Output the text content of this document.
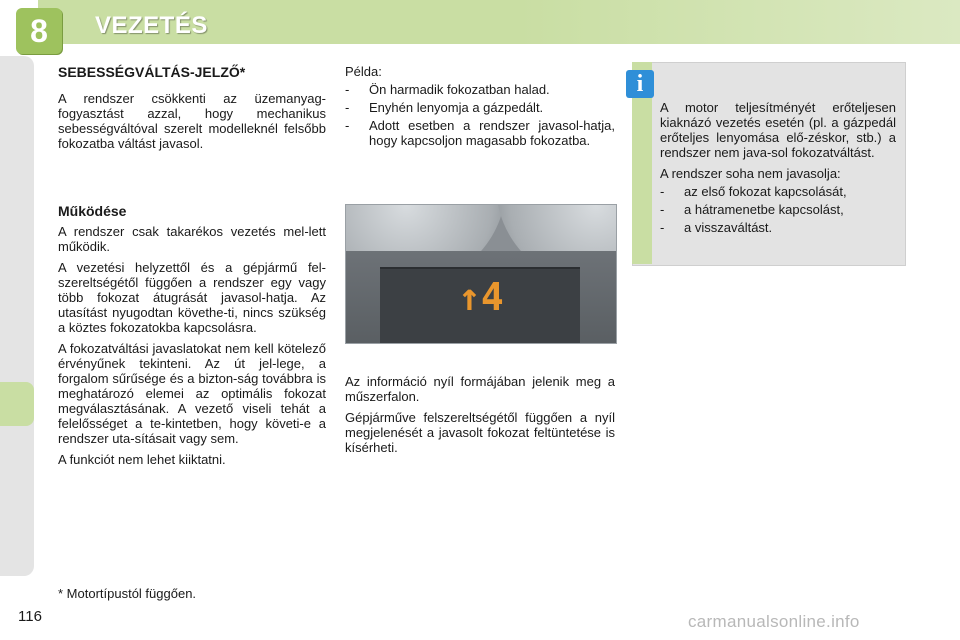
8	VEZETÉS

SEBESSÉGVÁLTÁS-JELZŐ*

A rendszer csökkenti az üzemanyag-fogyasztást azzal, hogy mechanikus sebességváltóval szerelt modelleknél felsőbb fokozatba váltást javasol.

Működése

A rendszer csak takarékos vezetés mel-lett működik.

A vezetési helyzettől és a gépjármű fel-szereltségétől függően a rendszer egy vagy több fokozat átugrását javasol-hatja. Az utasítást nyugodtan követhe-ti, nincs szükség a köztes fokozatokba kapcsolásra.

A fokozatváltási javaslatokat nem kell kötelező érvényűnek tekinteni. Az út jel-lege, a forgalom sűrűsége és a bizton-ság továbbra is meghatározó elemei az optimális fokozat megválasztásának. A vezető viseli tehát a felelősséget a te-kintetben, hogy követi-e a rendszer uta-sításait vagy sem.

A funkciót nem lehet kiiktatni.

Példa:

-	Ön harmadik fokozatban halad.
-	Enyhén lenyomja a gázpedált.
-	Adott esetben a rendszer javasol-hatja, hogy kapcsoljon magasabb fokozatba.
↑4

Az információ nyíl formájában jelenik meg a műszerfalon.

Gépjárműve felszereltségétől függően a nyíl megjelenését a javasolt fokozat feltüntetése is kísérheti.

i

A motor teljesítményét erőteljesen kiaknázó vezetés esetén (pl. a gázpedál erőteljes lenyomása elő-zéskor, stb.) a rendszer nem java-sol fokozatváltást.

A rendszer soha nem javasolja:

-	az első fokozat kapcsolását,
-	a hátramenetbe kapcsolást,
-	a visszaváltást.

* Motortípustól függően.

116	carmanualsonline.info
